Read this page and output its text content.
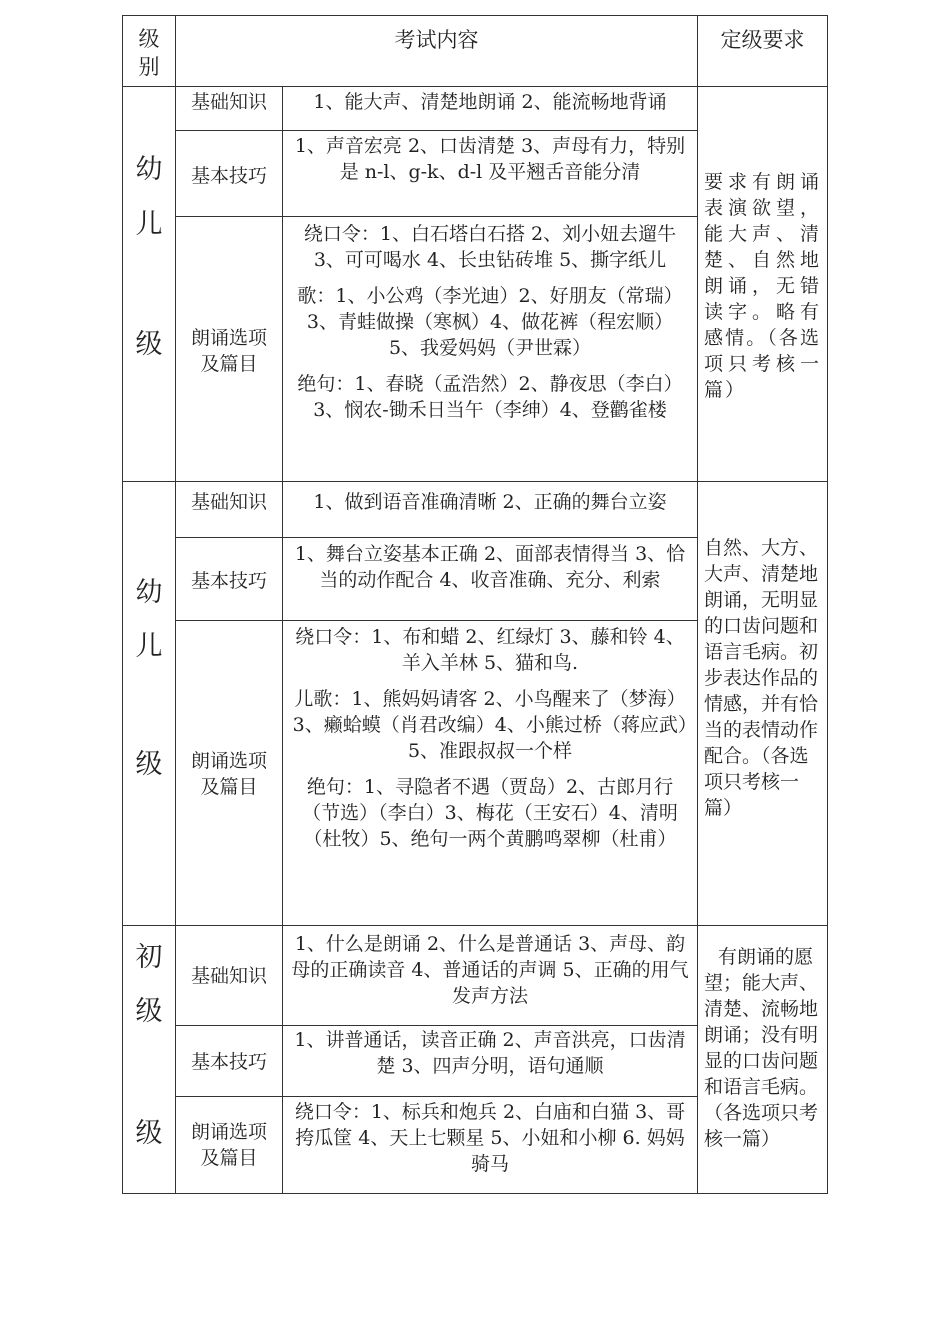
级
别
考试内容	定级要求
幼
儿
级
基础知识
基本技巧
朗诵选项
及篇目
1、能大声、清楚地朗诵 2、能流畅地背诵
1、声音宏亮 2、口齿清楚 3、声母有力，特别是 n-l、g-k、d-l 及平翘舌音能分清

绕口令：1、白石塔白石搭 2、刘小妞去遛牛 3、可可喝水 4、长虫钻砖堆 5、撕字纸儿

歌：1、小公鸡（李光迪）2、好朋友（常瑞）3、青蛙做操（寒枫）4、做花裤（程宏顺）

5、我爱妈妈（尹世霖）

绝句：1、春晓（孟浩然）2、静夜思（李白）3、悯农-锄禾日当午（李绅）4、登鹳雀楼

要求有朗诵表演欲望，能大声、清楚、自然地朗诵，无错读字。略有感情。（各选项只考核一篇）
幼
儿
级
基础知识
基本技巧
朗诵选项
及篇目
1、做到语音准确清晰 2、正确的舞台立姿
1、舞台立姿基本正确 2、面部表情得当 3、恰当的动作配合 4、收音准确、充分、利索

绕口令：1、布和蜡 2、红绿灯 3、藤和铃 4、羊入羊林 5、猫和鸟.

儿歌：1、熊妈妈请客 2、小鸟醒来了（梦海）3、癞蛤蟆（肖君改编）4、小熊过桥（蒋应武）5、准跟叔叔一个样

绝句：1、寻隐者不遇（贾岛）2、古郎月行（节选）（李白）3、梅花（王安石）4、清明（杜牧）5、绝句一两个黄鹏鸣翠柳（杜甫）

自然、大方、大声、清楚地朗诵，无明显的口齿问题和语言毛病。初步表达作品的情感，并有恰当的表情动作配合。（各选项只考核一篇）
初
级
级
基础知识
基本技巧
朗诵选项
及篇目
1、什么是朗诵 2、什么是普通话 3、声母、韵母的正确读音 4、普通话的声调 5、正确的用气发声方法
1、讲普通话，读音正确 2、声音洪亮，口齿清楚 3、四声分明，语句通顺
绕口令：1、标兵和炮兵 2、白庙和白猫 3、哥挎瓜筐 4、天上七颗星 5、小妞和小柳 6. 妈妈骑马
有朗诵的愿望；能大声、清楚、流畅地朗诵；没有明显的口齿问题和语言毛病。（各选项只考核一篇）
